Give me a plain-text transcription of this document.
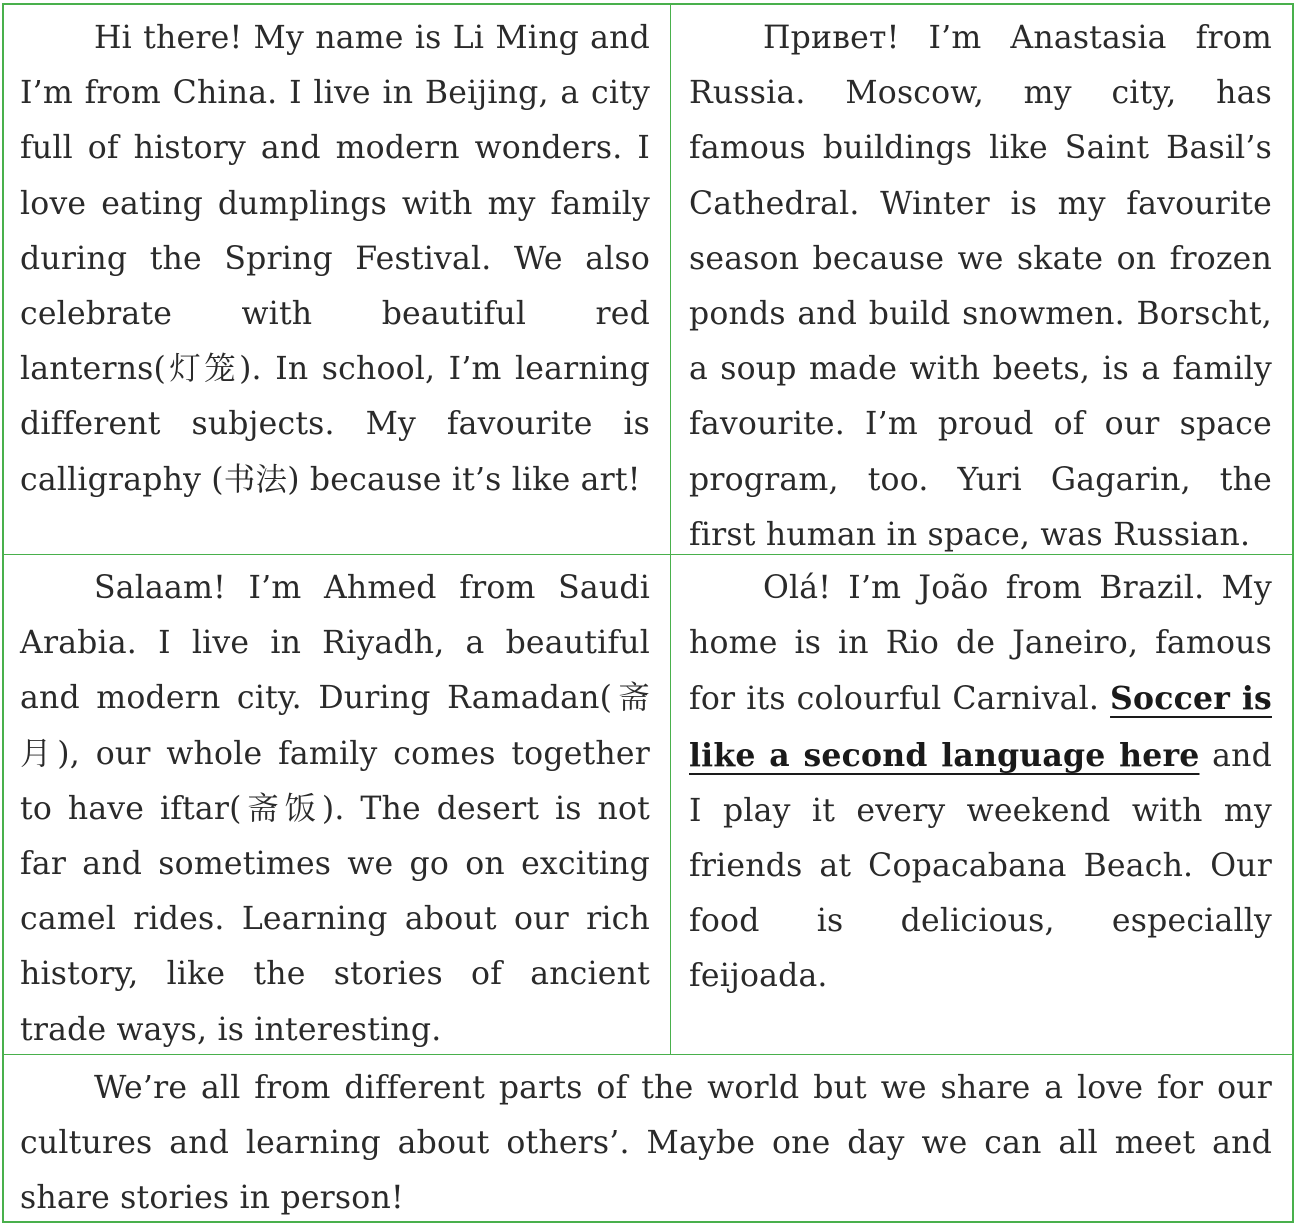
Hi there! My name is Li Ming and I’m from China. I live in Beijing, a city full of history and modern wonders. I love eating dumplings with my family during the Spring Festival. We also celebrate with beautiful red lanterns(灯笼). In school, I’m learning different subjects. My favourite is calligraphy (书法) because it’s like art!
Привет! I’m Anastasia from Russia. Moscow, my city, has famous buildings like Saint Basil’s Cathedral. Winter is my favourite season because we skate on frozen ponds and build snowmen. Borscht, a soup made with beets, is a family favourite. I’m proud of our space program, too. Yuri Gagarin, the first human in space, was Russian.
Salaam! I’m Ahmed from Saudi Arabia. I live in Riyadh, a beautiful and modern city. During Ramadan(斋月), our whole family comes together to have iftar(斋饭). The desert is not far and sometimes we go on exciting camel rides. Learning about our rich history, like the stories of ancient trade ways, is interesting.
Olá! I’m João from Brazil. My home is in Rio de Janeiro, famous for its colourful Carnival. Soccer is like a second language here and I play it every weekend with my friends at Copacabana Beach. Our food is delicious, especially feijoada.
We’re all from different parts of the world but we share a love for our cultures and learning about others’. Maybe one day we can all meet and share stories in person!
